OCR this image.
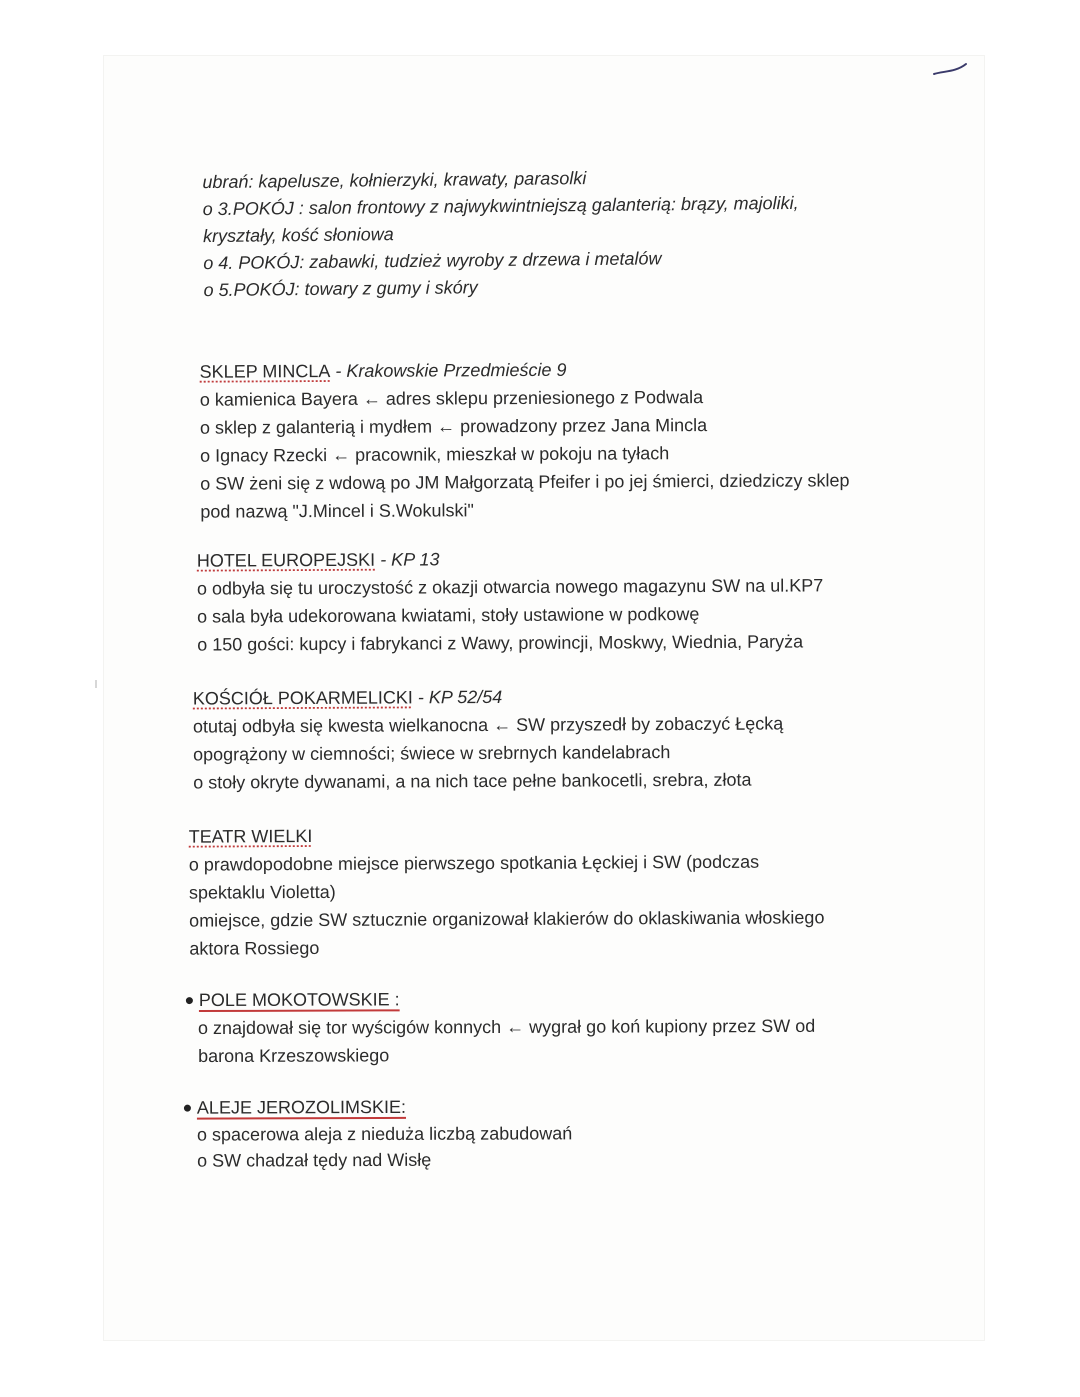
ubrań: kapelusze, kołnierzyki, krawaty, parasolki
o 3.POKÓJ : salon frontowy z najwykwintniejszą galanterią: brązy, majoliki,
kryształy, kość słoniowa
o 4. POKÓJ: zabawki, tudzież wyroby z drzewa i metalów
o 5.POKÓJ: towary z gumy i skóry
SKLEP MINCLA - Krakowskie Przedmieście 9
o kamienica Bayera ← adres sklepu przeniesionego z Podwala
o sklep z galanterią i mydłem ← prowadzony przez Jana Mincla
o Ignacy Rzecki ← pracownik, mieszkał w pokoju na tyłach
o SW żeni się z wdową po JM Małgorzatą Pfeifer i po jej śmierci, dziedziczy sklep
pod nazwą "J.Mincel i S.Wokulski"
HOTEL EUROPEJSKI - KP 13
o odbyła się tu uroczystość z okazji otwarcia nowego magazynu SW na ul.KP7
o sala była udekorowana kwiatami, stoły ustawione w podkowę
o 150 gości: kupcy i fabrykanci z Wawy, prowincji, Moskwy, Wiednia, Paryża
KOŚCIÓŁ POKARMELICKI - KP 52/54
otutaj odbyła się kwesta wielkanocna ← SW przyszedł by zobaczyć Łęcką
opogrążony w ciemności; świece w srebrnych kandelabrach
o stoły okryte dywanami, a na nich tace pełne bankocetli, srebra, złota
TEATR WIELKI
o prawdopodobne miejsce pierwszego spotkania Łęckiej i SW (podczas
spektaklu Violetta)
omiejsce, gdzie SW sztucznie organizował klakierów do oklaskiwania włoskiego
aktora Rossiego
POLE MOKOTOWSKIE :
o znajdował się tor wyścigów konnych ← wygrał go koń kupiony przez SW od
barona Krzeszowskiego
ALEJE JEROZOLIMSKIE:
o spacerowa aleja z nieduża liczbą zabudowań
o SW chadzał tędy nad Wisłę
